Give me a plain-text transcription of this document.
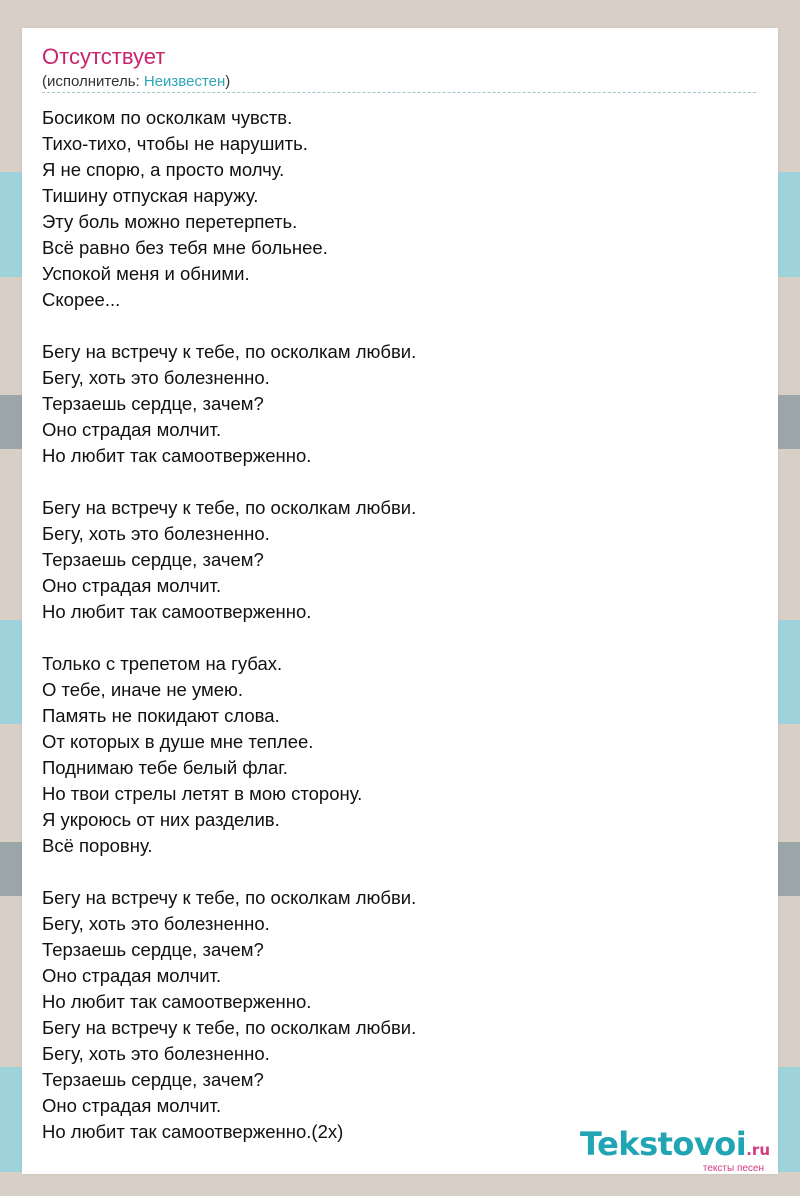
Отсутствует
(исполнитель: Неизвестен)
Босиком по осколкам чувств.
Тихо-тихо, чтобы не нарушить.
Я не спорю, а просто молчу.
Тишину отпуская наружу.
Эту боль можно перетерпеть.
Всё равно без тебя мне больнее.
Успокой меня и обними.
Скорее...
Бегу на встречу к тебе, по осколкам любви.
Бегу, хоть это болезненно.
Терзаешь сердце, зачем?
Оно страдая молчит.
Но любит так самоотверженно.
Бегу на встречу к тебе, по осколкам любви.
Бегу, хоть это болезненно.
Терзаешь сердце, зачем?
Оно страдая молчит.
Но любит так самоотверженно.
Только с трепетом на губах.
О тебе, иначе не умею.
Память не покидают слова.
От которых в душе мне теплее.
Поднимаю тебе белый флаг.
Но твои стрелы летят в мою сторону.
Я укроюсь от них разделив.
Всё поровну.
Бегу на встречу к тебе, по осколкам любви.
Бегу, хоть это болезненно.
Терзаешь сердце, зачем?
Оно страдая молчит.
Но любит так самоотверженно.
Бегу на встречу к тебе, по осколкам любви.
Бегу, хоть это болезненно.
Терзаешь сердце, зачем?
Оно страдая молчит.
Но любит так самоотверженно.(2x)	Tekstovoi.ru
тексты песен
